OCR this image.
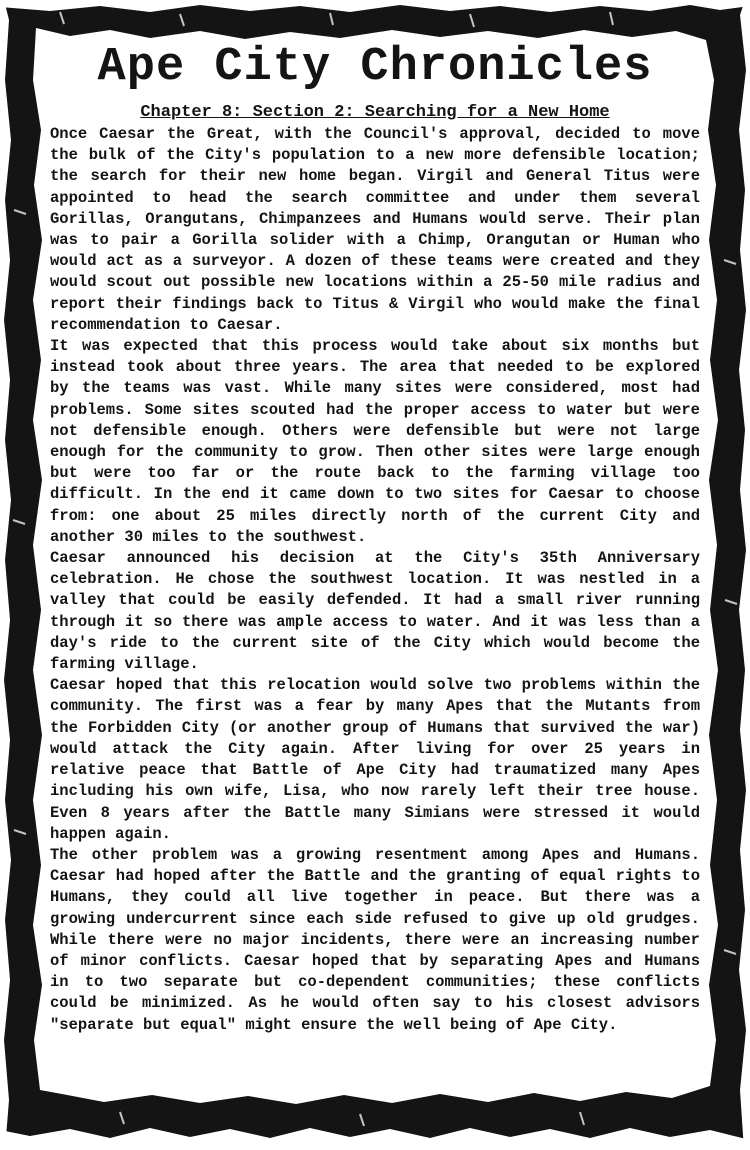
Ape City Chronicles
Chapter 8: Section 2: Searching for a New Home

Once Caesar the Great, with the Council's approval, decided to move the bulk of the City's population to a new more defensible location; the search for their new home began. Virgil and General Titus were appointed to head the search committee and under them several Gorillas, Orangutans, Chimpanzees and Humans would serve. Their plan was to pair a Gorilla solider with a Chimp, Orangutan or Human who would act as a surveyor. A dozen of these teams were created and they would scout out possible new locations within a 25-50 mile radius and report their findings back to Titus & Virgil who would make the final recommendation to Caesar.

It was expected that this process would take about six months but instead took about three years. The area that needed to be explored by the teams was vast. While many sites were considered, most had problems. Some sites scouted had the proper access to water but were not defensible enough. Others were defensible but were not large enough for the community to grow. Then other sites were large enough but were too far or the route back to the farming village too difficult. In the end it came down to two sites for Caesar to choose from: one about 25 miles directly north of the current City and another 30 miles to the southwest.

Caesar announced his decision at the City's 35th Anniversary celebration. He chose the southwest location. It was nestled in a valley that could be easily defended. It had a small river running through it so there was ample access to water. And it was less than a day's ride to the current site of the City which would become the farming village.

Caesar hoped that this relocation would solve two problems within the community. The first was a fear by many Apes that the Mutants from the Forbidden City (or another group of Humans that survived the war) would attack the City again. After living for over 25 years in relative peace that Battle of Ape City had traumatized many Apes including his own wife, Lisa, who now rarely left their tree house. Even 8 years after the Battle many Simians were stressed it would happen again.

The other problem was a growing resentment among Apes and Humans. Caesar had hoped after the Battle and the granting of equal rights to Humans, they could all live together in peace. But there was a growing undercurrent since each side refused to give up old grudges. While there were no major incidents, there were an increasing number of minor conflicts. Caesar hoped that by separating Apes and Humans in to two separate but co-dependent communities; these conflicts could be minimized. As he would often say to his closest advisors "separate but equal" might ensure the well being of Ape City.
